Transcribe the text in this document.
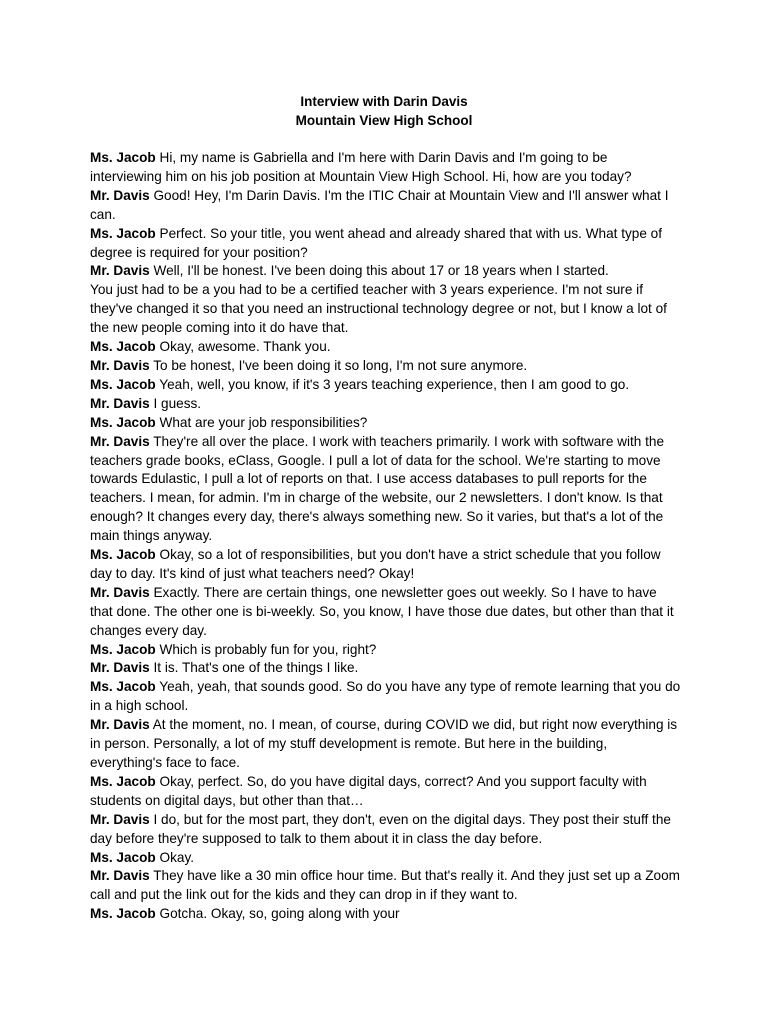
Interview with Darin Davis
Mountain View High School

Ms. Jacob Hi, my name is Gabriella and I'm here with Darin Davis and I'm going to be interviewing him on his job position at Mountain View High School. Hi, how are you today?

Mr. Davis Good! Hey, I'm Darin Davis. I'm the ITIC Chair at Mountain View and I'll answer what I can.

Ms. Jacob Perfect. So your title, you went ahead and already shared that with us. What type of degree is required for your position?

Mr. Davis Well, I'll be honest. I've been doing this about 17 or 18 years when I started.

You just had to be a you had to be a certified teacher with 3 years experience. I'm not sure if they've changed it so that you need an instructional technology degree or not, but I know a lot of the new people coming into it do have that.

Ms. Jacob Okay, awesome. Thank you.

Mr. Davis To be honest, I've been doing it so long, I'm not sure anymore.

Ms. Jacob Yeah, well, you know, if it's 3 years teaching experience, then I am good to go.

Mr. Davis I guess.

Ms. Jacob What are your job responsibilities?

Mr. Davis They're all over the place. I work with teachers primarily. I work with software with the teachers grade books, eClass, Google. I pull a lot of data for the school. We're starting to move towards Edulastic, I pull a lot of reports on that. I use access databases to pull reports for the teachers. I mean, for admin. I'm in charge of the website, our 2 newsletters. I don't know. Is that enough? It changes every day, there's always something new. So it varies, but that's a lot of the main things anyway.

Ms. Jacob Okay, so a lot of responsibilities, but you don't have a strict schedule that you follow day to day. It's kind of just what teachers need? Okay!

Mr. Davis Exactly. There are certain things, one newsletter goes out weekly. So I have to have that done. The other one is bi-weekly. So, you know, I have those due dates, but other than that it changes every day.

Ms. Jacob Which is probably fun for you, right?

Mr. Davis It is. That's one of the things I like.

Ms. Jacob Yeah, yeah, that sounds good. So do you have any type of remote learning that you do in a high school.

Mr. Davis At the moment, no. I mean, of course, during COVID we did, but right now everything is in person. Personally, a lot of my stuff development is remote. But here in the building, everything's face to face.

Ms. Jacob Okay, perfect. So, do you have digital days, correct? And you support faculty with students on digital days, but other than that…

Mr. Davis I do, but for the most part, they don't, even on the digital days. They post their stuff the day before they're supposed to talk to them about it in class the day before.

Ms. Jacob Okay.

Mr. Davis They have like a 30 min office hour time. But that's really it. And they just set up a Zoom call and put the link out for the kids and they can drop in if they want to.

Ms. Jacob Gotcha. Okay, so, going along with your
